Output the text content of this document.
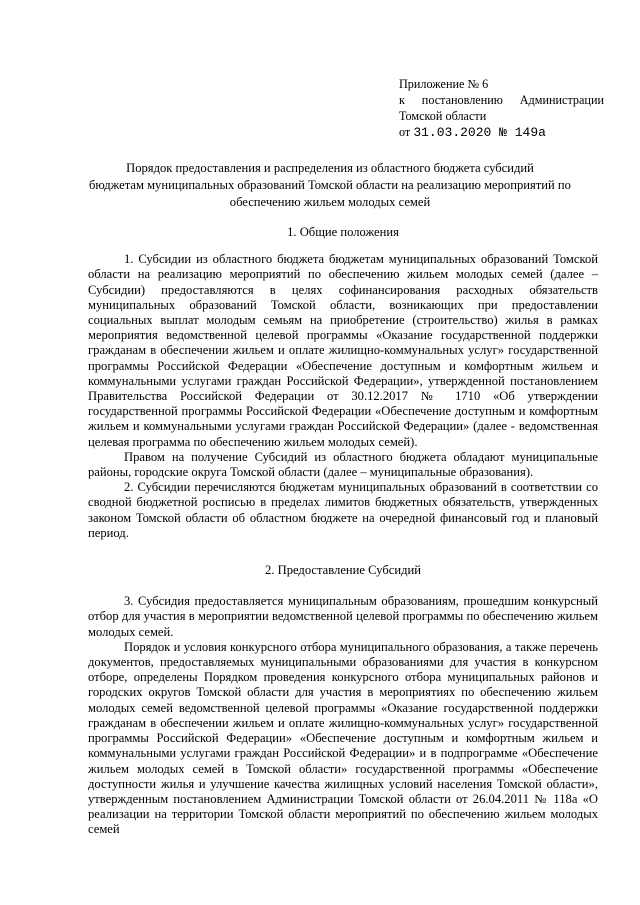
Приложение № 6
к постановлению Администрации
Томской области
от 31.03.2020 № 149а
Порядок предоставления и распределения из областного бюджета субсидий
бюджетам муниципальных образований Томской области на реализацию мероприятий по
обеспечению жильем молодых семей
1. Общие положения

1. Субсидии из областного бюджета бюджетам муниципальных образований Томской области на реализацию мероприятий по обеспечению жильем молодых семей (далее – Субсидии) предоставляются в целях софинансирования расходных обязательств муниципальных образований Томской области, возникающих при предоставлении социальных выплат молодым семьям на приобретение (строительство) жилья в рамках мероприятия ведомственной целевой программы «Оказание государственной поддержки гражданам в обеспечении жильем и оплате жилищно-коммунальных услуг» государственной программы Российской Федерации «Обеспечение доступным и комфортным жильем и коммунальными услугами граждан Российской Федерации», утвержденной постановлением Правительства Российской Федерации от 30.12.2017 № 1710 «Об утверждении государственной программы Российской Федерации «Обеспечение доступным и комфортным жильем и коммунальными услугами граждан Российской Федерации» (далее - ведомственная целевая программа по обеспечению жильем молодых семей).

Правом на получение Субсидий из областного бюджета обладают муниципальные районы, городские округа Томской области (далее – муниципальные образования).

2. Субсидии перечисляются бюджетам муниципальных образований в соответствии со сводной бюджетной росписью в пределах лимитов бюджетных обязательств, утвержденных законом Томской области об областном бюджете на очередной финансовый год и плановый период.

2. Предоставление Субсидий

3. Субсидия предоставляется муниципальным образованиям, прошедшим конкурсный отбор для участия в мероприятии ведомственной целевой программы по обеспечению жильем молодых семей.

Порядок и условия конкурсного отбора муниципального образования, а также перечень документов, предоставляемых муниципальными образованиями для участия в конкурсном отборе, определены Порядком проведения конкурсного отбора муниципальных районов и городских округов Томской области для участия в мероприятиях по обеспечению жильем молодых семей ведомственной целевой программы «Оказание государственной поддержки гражданам в обеспечении жильем и оплате жилищно-коммунальных услуг» государственной программы Российской Федерации» «Обеспечение доступным и комфортным жильем и коммунальными услугами граждан Российской Федерации» и в подпрограмме «Обеспечение жильем молодых семей в Томской области» государственной программы «Обеспечение доступности жилья и улучшение качества жилищных условий населения Томской области», утвержденным постановлением Администрации Томской области от 26.04.2011 № 118а «О реализации на территории Томской области мероприятий по обеспечению жильем молодых семей
